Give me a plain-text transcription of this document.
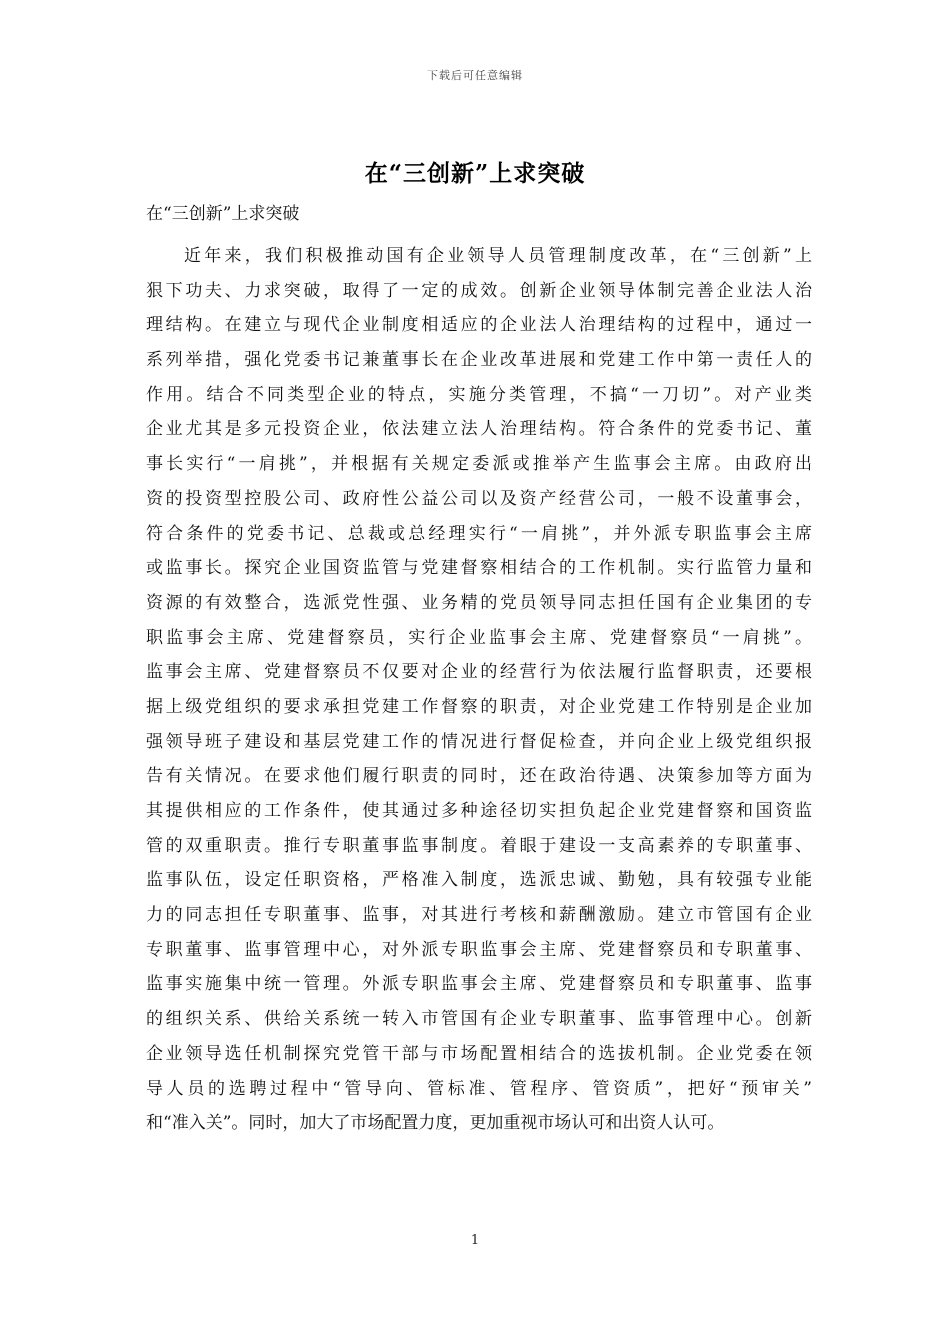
下载后可任意编辑
在“三创新”上求突破

在“三创新”上求突破

近年来，我们积极推动国有企业领导人员管理制度改革，在“三创新”上
狠下功夫、力求突破，取得了一定的成效。创新企业领导体制完善企业法人治
理结构。在建立与现代企业制度相适应的企业法人治理结构的过程中，通过一
系列举措，强化党委书记兼董事长在企业改革进展和党建工作中第一责任人的
作用。结合不同类型企业的特点，实施分类管理，不搞“一刀切”。对产业类
企业尤其是多元投资企业，依法建立法人治理结构。符合条件的党委书记、董
事长实行“一肩挑”，并根据有关规定委派或推举产生监事会主席。由政府出
资的投资型控股公司、政府性公益公司以及资产经营公司，一般不设董事会，
符合条件的党委书记、总裁或总经理实行“一肩挑”，并外派专职监事会主席
或监事长。探究企业国资监管与党建督察相结合的工作机制。实行监管力量和
资源的有效整合，选派党性强、业务精的党员领导同志担任国有企业集团的专
职监事会主席、党建督察员，实行企业监事会主席、党建督察员“一肩挑”。
监事会主席、党建督察员不仅要对企业的经营行为依法履行监督职责，还要根
据上级党组织的要求承担党建工作督察的职责，对企业党建工作特别是企业加
强领导班子建设和基层党建工作的情况进行督促检查，并向企业上级党组织报
告有关情况。在要求他们履行职责的同时，还在政治待遇、决策参加等方面为
其提供相应的工作条件，使其通过多种途径切实担负起企业党建督察和国资监
管的双重职责。推行专职董事监事制度。着眼于建设一支高素养的专职董事、
监事队伍，设定任职资格，严格准入制度，选派忠诚、勤勉，具有较强专业能
力的同志担任专职董事、监事，对其进行考核和薪酬激励。建立市管国有企业
专职董事、监事管理中心，对外派专职监事会主席、党建督察员和专职董事、
监事实施集中统一管理。外派专职监事会主席、党建督察员和专职董事、监事
的组织关系、供给关系统一转入市管国有企业专职董事、监事管理中心。创新
企业领导选任机制探究党管干部与市场配置相结合的选拔机制。企业党委在领
导人员的选聘过程中“管导向、管标准、管程序、管资质”，把好“预审关”
和“准入关”。同时，加大了市场配置力度，更加重视市场认可和出资人认可。
1
